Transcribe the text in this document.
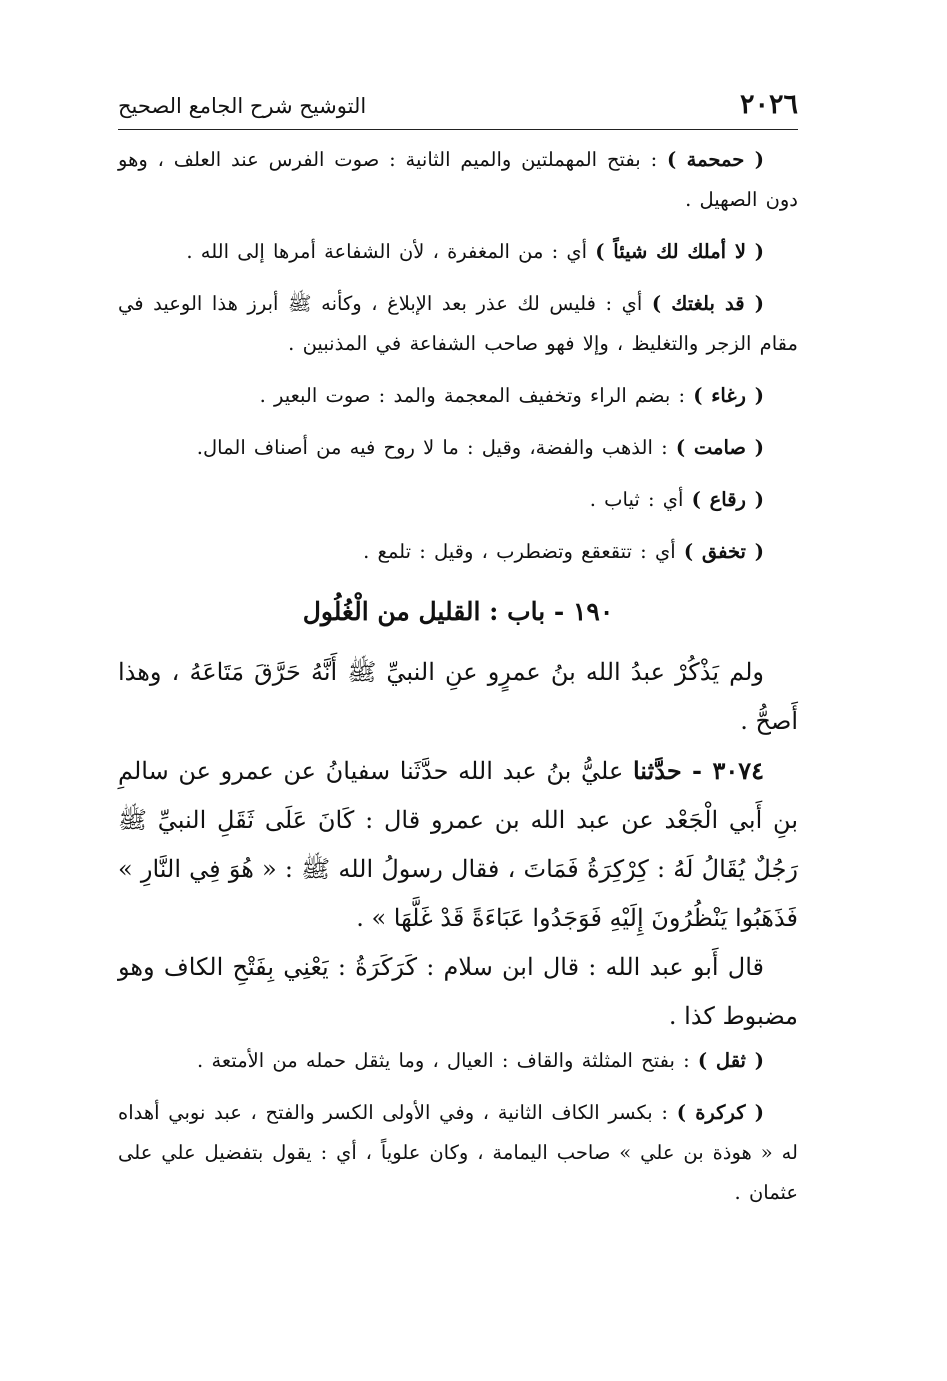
٢٠٢٦
التوشيح شرح الجامع الصحيح

( حمحمة ) : بفتح المهملتين والميم الثانية : صوت الفرس عند العلف ، وهو دون الصهيل .

( لا أملك لك شيئاً ) أي : من المغفرة ، لأن الشفاعة أمرها إلى الله .

( قد بلغتك ) أي : فليس لك عذر بعد الإبلاغ ، وكأنه ﷺ أبرز هذا الوعيد في مقام الزجر والتغليظ ، وإلا فهو صاحب الشفاعة في المذنبين .

( رغاء ) : بضم الراء وتخفيف المعجمة والمد : صوت البعير .

( صامت ) : الذهب والفضة، وقيل : ما لا روح فيه من أصناف المال.

( رقاع ) أي : ثياب .

( تخفق ) أي : تتقعقع وتضطرب ، وقيل : تلمع .

١٩٠ - باب : القليل من الْغُلُول

ولم يَذْكُرْ عبدُ الله بنُ عمرٍو عنِ النبيِّ ﷺ أَنَّهُ حَرَّقَ مَتَاعَهُ ، وهذا أَصحُّ .

٣٠٧٤ - حدَّثنا عليُّ بنُ عبد الله حدَّثَنا سفيانُ عن عمرو عن سالمِ بنِ أَبي الْجَعْد عن عبد الله بن عمرو قال : كَانَ عَلَى ثَقَلِ النبيِّ ﷺ رَجُلٌ يُقَالُ لَهُ : كِرْكِرَةُ فَمَاتَ ، فقال رسولُ الله ﷺ : « هُوَ فِي النَّارِ » فَذَهَبُوا يَنْظُرُونَ إِلَيْهِ فَوَجَدُوا عَبَاءَةً قَدْ غَلَّهَا » .

قال أَبو عبد الله : قال ابن سلام : كَرَكَرَةُ : يَعْنِي بِفَتْحِ الكاف وهو مضبوط كذا .

( ثقل ) : بفتح المثلثة والقاف : العيال ، وما يثقل حمله من الأمتعة .

( كركرة ) : بكسر الكاف الثانية ، وفي الأولى الكسر والفتح ، عبد نوبي أهداه له « هوذة بن علي » صاحب اليمامة ، وكان علوياً ، أي : يقول بتفضيل علي على عثمان .
